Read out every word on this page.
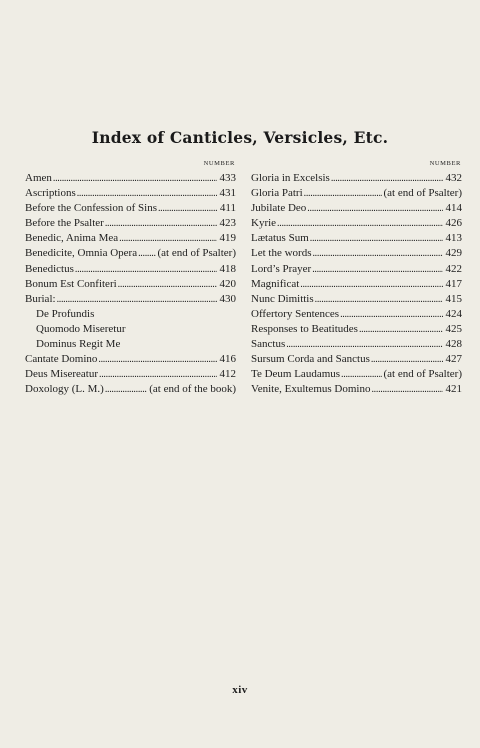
Index of Canticles, Versicles, Etc.
NUMBER
Amen . . .	433
Ascriptions . . .	431
Before the Confession of Sins . . .	411
Before the Psalter . . .	423
Benedic, Anima Mea . . .	419
Benedicite, Omnia Opera . . . (at end of Psalter)
Benedictus . . .	418
Bonum Est Confiteri . . .	420
Burial: . . .	430
De Profundis
Quomodo Miseretur
Dominus Regit Me
Cantate Domino . . .	416
Deus Misereatur . . .	412
Doxology (L. M.) . . .	(at end of the book)
NUMBER
Gloria in Excelsis . . .	432
Gloria Patri . . .	(at end of Psalter)
Jubilate Deo . . .	414
Kyrie . . .	426
Lætatus Sum . . .	413
Let the words . . .	429
Lord’s Prayer . . .	422
Magnificat . . .	417
Nunc Dimittis . . .	415
Offertory Sentences . . .	424
Responses to Beatitudes . . .	425
Sanctus . . .	428
Sursum Corda and Sanctus . . .	427
Te Deum Laudamus . . .	(at end of Psalter)
Venite, Exultemus Domino . . .	421
xiv
